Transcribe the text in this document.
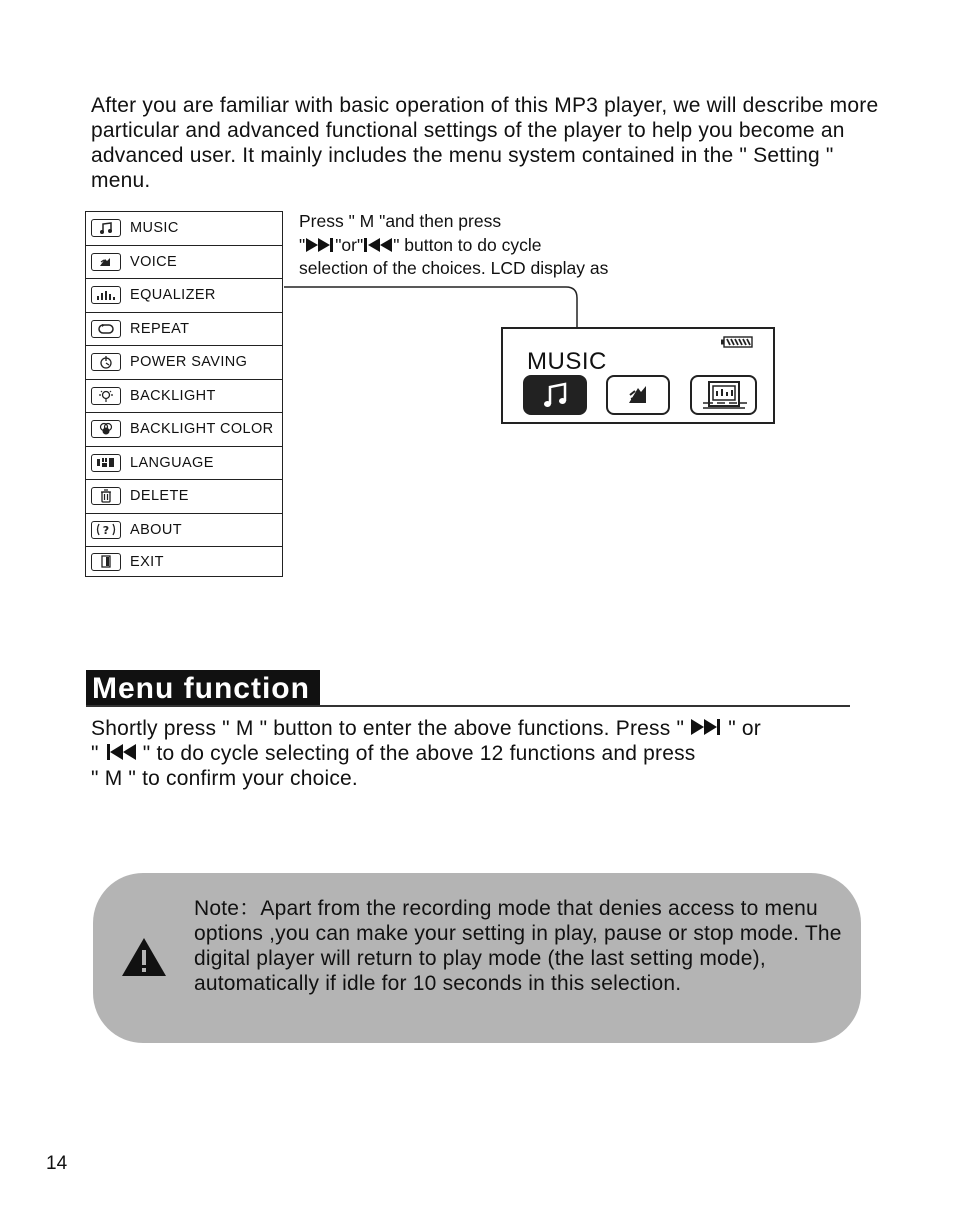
After you are familiar with basic operation of this MP3 player, we will describe more particular and advanced functional settings of the player to help you become an advanced user. It mainly includes the menu system contained in the " Setting " menu.

MUSIC
VOICE
EQUALIZER
REPEAT
POWER SAVING
BACKLIGHT
BACKLIGHT COLOR
LANGUAGE
DELETE
? ABOUT
EXIT
Press " M "and then press
" "or" " button to do cycle
selection of the choices. LCD display as
MUSIC
Menu function
Shortly press " M " button to enter the above functions. Press " " or
" " to do cycle selecting of the above 12 functions and press
" M " to confirm your choice.

Note：Apart from the recording mode that denies access to menu options ,you can make your setting in play, pause or stop mode. The digital player will return to play mode (the last setting mode), automatically if idle for 10 seconds in this selection.

14
